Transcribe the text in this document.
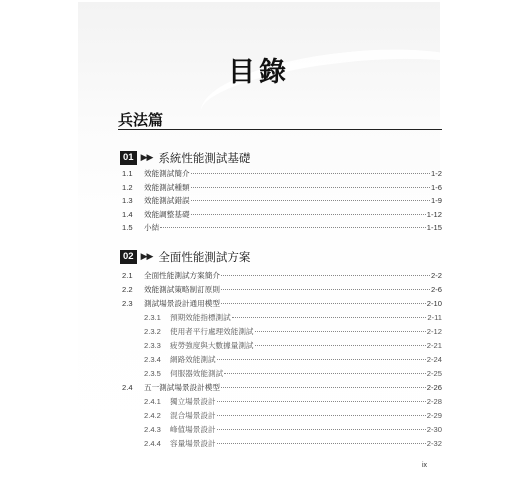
目錄
兵法篇
01 ▶▶ 系統性能測試基礎
1.1	效能測試簡介	1-2
1.2	效能測試種類	1-6
1.3	效能測試錯誤	1-9
1.4	效能調整基礎	1-12
1.5	小結	1-15
02 ▶▶ 全面性能測試方案
2.1	全面性能測試方案簡介	2-2
2.2	效能測試策略制訂原則	2-6
2.3	測試場景設計通用模型	2-10
2.3.1	預期效能指標測試	2-11
2.3.2	使用者平行處理效能測試	2-12
2.3.3	疲勞強度與大數據量測試	2-21
2.3.4	網路效能測試	2-24
2.3.5	伺服器效能測試	2-25
2.4	五一測試場景設計模型	2-26
2.4.1	獨立場景設計	2-28
2.4.2	混合場景設計	2-29
2.4.3	峰值場景設計	2-30
2.4.4	容量場景設計	2-32
ix
